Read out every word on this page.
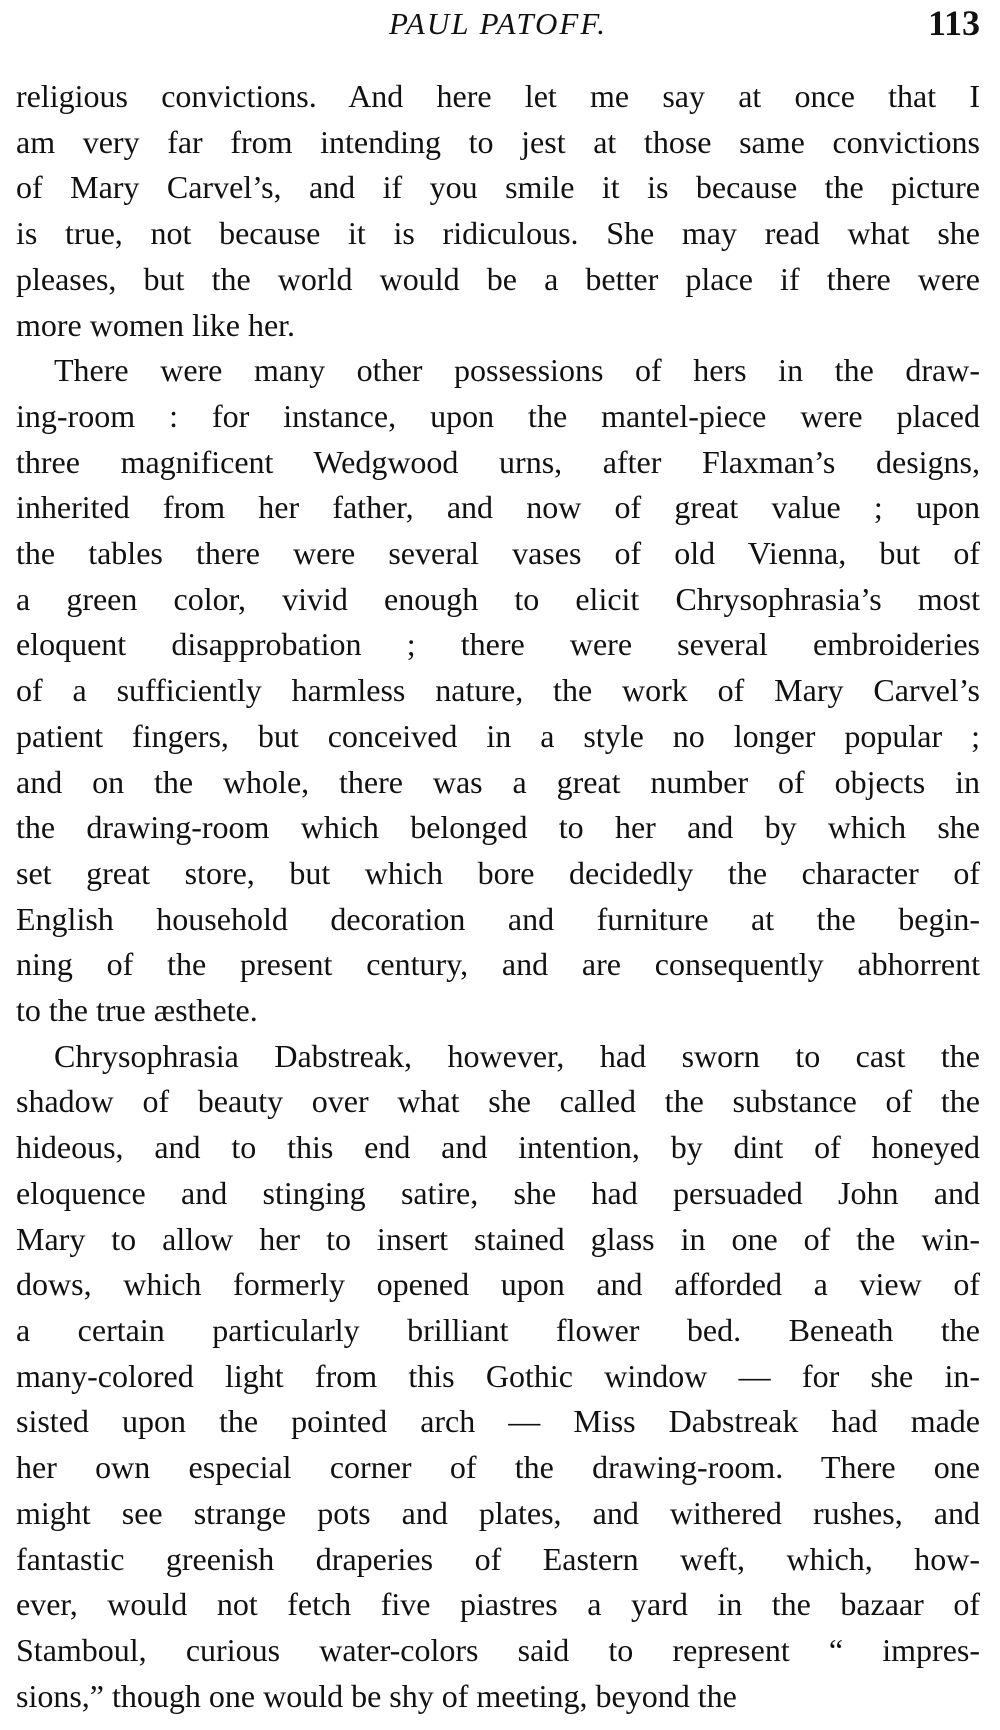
PAUL PATOFF.	113
religious convictions. And here let me say at once that I
am very far from intending to jest at those same convictions
of Mary Carvel’s, and if you smile it is because the picture
is true, not because it is ridiculous. She may read what she
pleases, but the world would be a better place if there were
more women like her.
There were many other possessions of hers in the draw-
ing-room : for instance, upon the mantel-piece were placed
three magnificent Wedgwood urns, after Flaxman’s designs,
inherited from her father, and now of great value ; upon
the tables there were several vases of old Vienna, but of
a green color, vivid enough to elicit Chrysophrasia’s most
eloquent disapprobation ; there were several embroideries
of a sufficiently harmless nature, the work of Mary Carvel’s
patient fingers, but conceived in a style no longer popular ;
and on the whole, there was a great number of objects in
the drawing-room which belonged to her and by which she
set great store, but which bore decidedly the character of
English household decoration and furniture at the begin-
ning of the present century, and are consequently abhorrent
to the true æsthete.
Chrysophrasia Dabstreak, however, had sworn to cast the
shadow of beauty over what she called the substance of the
hideous, and to this end and intention, by dint of honeyed
eloquence and stinging satire, she had persuaded John and
Mary to allow her to insert stained glass in one of the win-
dows, which formerly opened upon and afforded a view of
a certain particularly brilliant flower bed. Beneath the
many-colored light from this Gothic window — for she in-
sisted upon the pointed arch — Miss Dabstreak had made
her own especial corner of the drawing-room. There one
might see strange pots and plates, and withered rushes, and
fantastic greenish draperies of Eastern weft, which, how-
ever, would not fetch five piastres a yard in the bazaar of
Stamboul, curious water-colors said to represent “ impres-
sions,” though one would be shy of meeting, beyond the
